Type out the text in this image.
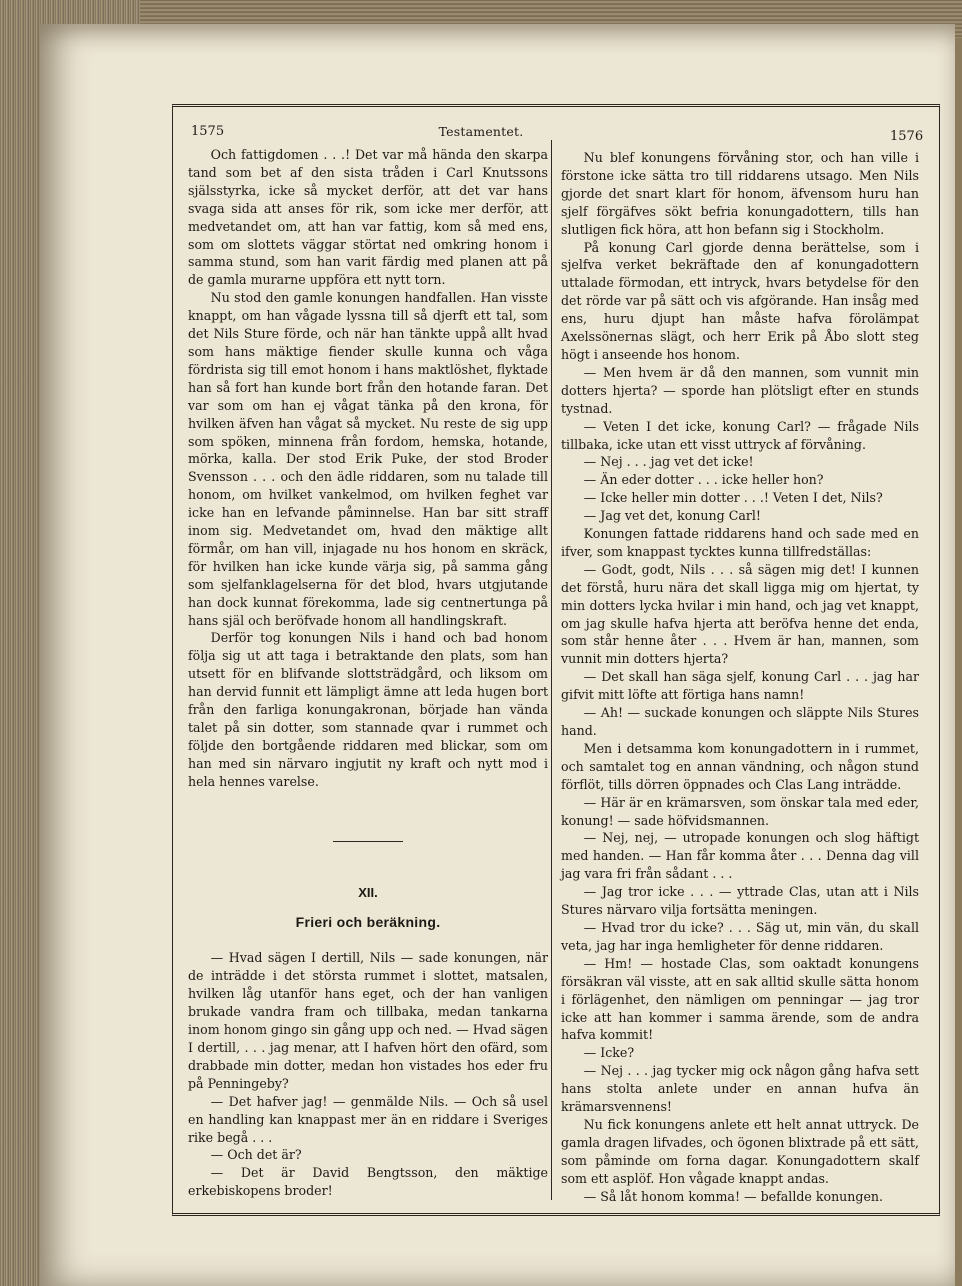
1575	Testamentet.	1576

Och fattigdomen . . .! Det var må hända den skarpa tand som bet af den sista tråden i Carl Knutssons själsstyrka, icke så mycket derför, att det var hans svaga sida att anses för rik, som icke mer derför, att medvetandet om, att han var fattig, kom så med ens, som om slottets väggar störtat ned omkring honom i samma stund, som han varit färdig med planen att på de gamla murarne uppföra ett nytt torn.

Nu stod den gamle konungen handfallen. Han visste knappt, om han vågade lyssna till så djerft ett tal, som det Nils Sture förde, och när han tänkte uppå allt hvad som hans mäktige fiender skulle kunna och våga fördrista sig till emot honom i hans maktlöshet, flyktade han så fort han kunde bort från den hotande faran. Det var som om han ej vågat tänka på den krona, för hvilken äfven han vågat så mycket. Nu reste de sig upp som spöken, minnena från fordom, hemska, hotande, mörka, kalla. Der stod Erik Puke, der stod Broder Svensson . . . och den ädle riddaren, som nu talade till honom, om hvilket vankelmod, om hvilken feghet var icke han en lefvande påminnelse. Han bar sitt straff inom sig. Medvetandet om, hvad den mäktige allt förmår, om han vill, injagade nu hos honom en skräck, för hvilken han icke kunde värja sig, på samma gång som sjelfanklagelserna för det blod, hvars utgjutande han dock kunnat förekomma, lade sig centnertunga på hans själ och beröfvade honom all handlingskraft.

Derför tog konungen Nils i hand och bad honom följa sig ut att taga i betraktande den plats, som han utsett för en blifvande slottsträdgård, och liksom om han dervid funnit ett lämpligt ämne att leda hugen bort från den farliga konungakronan, började han vända talet på sin dotter, som stannade qvar i rummet och följde den bortgående riddaren med blickar, som om han med sin närvaro ingjutit ny kraft och nytt mod i hela hennes varelse.

XII.

Frieri och beräkning.

— Hvad sägen I dertill, Nils — sade konungen, när de inträdde i det största rummet i slottet, matsalen, hvilken låg utanför hans eget, och der han vanligen brukade vandra fram och tillbaka, medan tankarna inom honom gingo sin gång upp och ned. — Hvad sägen I dertill, . . . jag menar, att I hafven hört den ofärd, som drabbade min dotter, medan hon vistades hos eder fru på Penningeby?

— Det hafver jag! — genmälde Nils. — Och så usel en handling kan knappast mer än en riddare i Sveriges rike begå . . .

— Och det är?

— Det är David Bengtsson, den mäktige erkebiskopens broder!

Nu blef konungens förvåning stor, och han ville i förstone icke sätta tro till riddarens utsago. Men Nils gjorde det snart klart för honom, äfvensom huru han sjelf förgäfves sökt befria konungadottern, tills han slutligen fick höra, att hon befann sig i Stockholm.

På konung Carl gjorde denna berättelse, som i sjelfva verket bekräftade den af konungadottern uttalade förmodan, ett intryck, hvars betydelse för den det rörde var på sätt och vis afgörande. Han insåg med ens, huru djupt han måste hafva förolämpat Axelssönernas slägt, och herr Erik på Åbo slott steg högt i anseende hos honom.

— Men hvem är då den mannen, som vunnit min dotters hjerta? — sporde han plötsligt efter en stunds tystnad.

— Veten I det icke, konung Carl? — frågade Nils tillbaka, icke utan ett visst uttryck af förvåning.

— Nej . . . jag vet det icke!

— Än eder dotter . . . icke heller hon?

— Icke heller min dotter . . .! Veten I det, Nils?

— Jag vet det, konung Carl!

Konungen fattade riddarens hand och sade med en ifver, som knappast tycktes kunna tillfredställas:

— Godt, godt, Nils . . . så sägen mig det! I kunnen det förstå, huru nära det skall ligga mig om hjertat, ty min dotters lycka hvilar i min hand, och jag vet knappt, om jag skulle hafva hjerta att beröfva henne det enda, som står henne åter . . . Hvem är han, mannen, som vunnit min dotters hjerta?

— Det skall han säga sjelf, konung Carl . . . jag har gifvit mitt löfte att förtiga hans namn!

— Ah! — suckade konungen och släppte Nils Stures hand.

Men i detsamma kom konungadottern in i rummet, och samtalet tog en annan vändning, och någon stund förflöt, tills dörren öppnades och Clas Lang inträdde.

— Här är en krämarsven, som önskar tala med eder, konung! — sade höfvidsmannen.

— Nej, nej, — utropade konungen och slog häftigt med handen. — Han får komma åter . . . Denna dag vill jag vara fri från sådant . . .

— Jag tror icke . . . — yttrade Clas, utan att i Nils Stures närvaro vilja fortsätta meningen.

— Hvad tror du icke? . . . Säg ut, min vän, du skall veta, jag har inga hemligheter för denne riddaren.

— Hm! — hostade Clas, som oaktadt konungens försäkran väl visste, att en sak alltid skulle sätta honom i förlägenhet, den nämligen om penningar — jag tror icke att han kommer i samma ärende, som de andra hafva kommit!

— Icke?

— Nej . . . jag tycker mig ock någon gång hafva sett hans stolta anlete under en annan hufva än krämarsvennens!

Nu fick konungens anlete ett helt annat uttryck. De gamla dragen lifvades, och ögonen blixtrade på ett sätt, som påminde om forna dagar. Konungadottern skalf som ett asplöf. Hon vågade knappt andas.

— Så låt honom komma! — befallde konungen.
